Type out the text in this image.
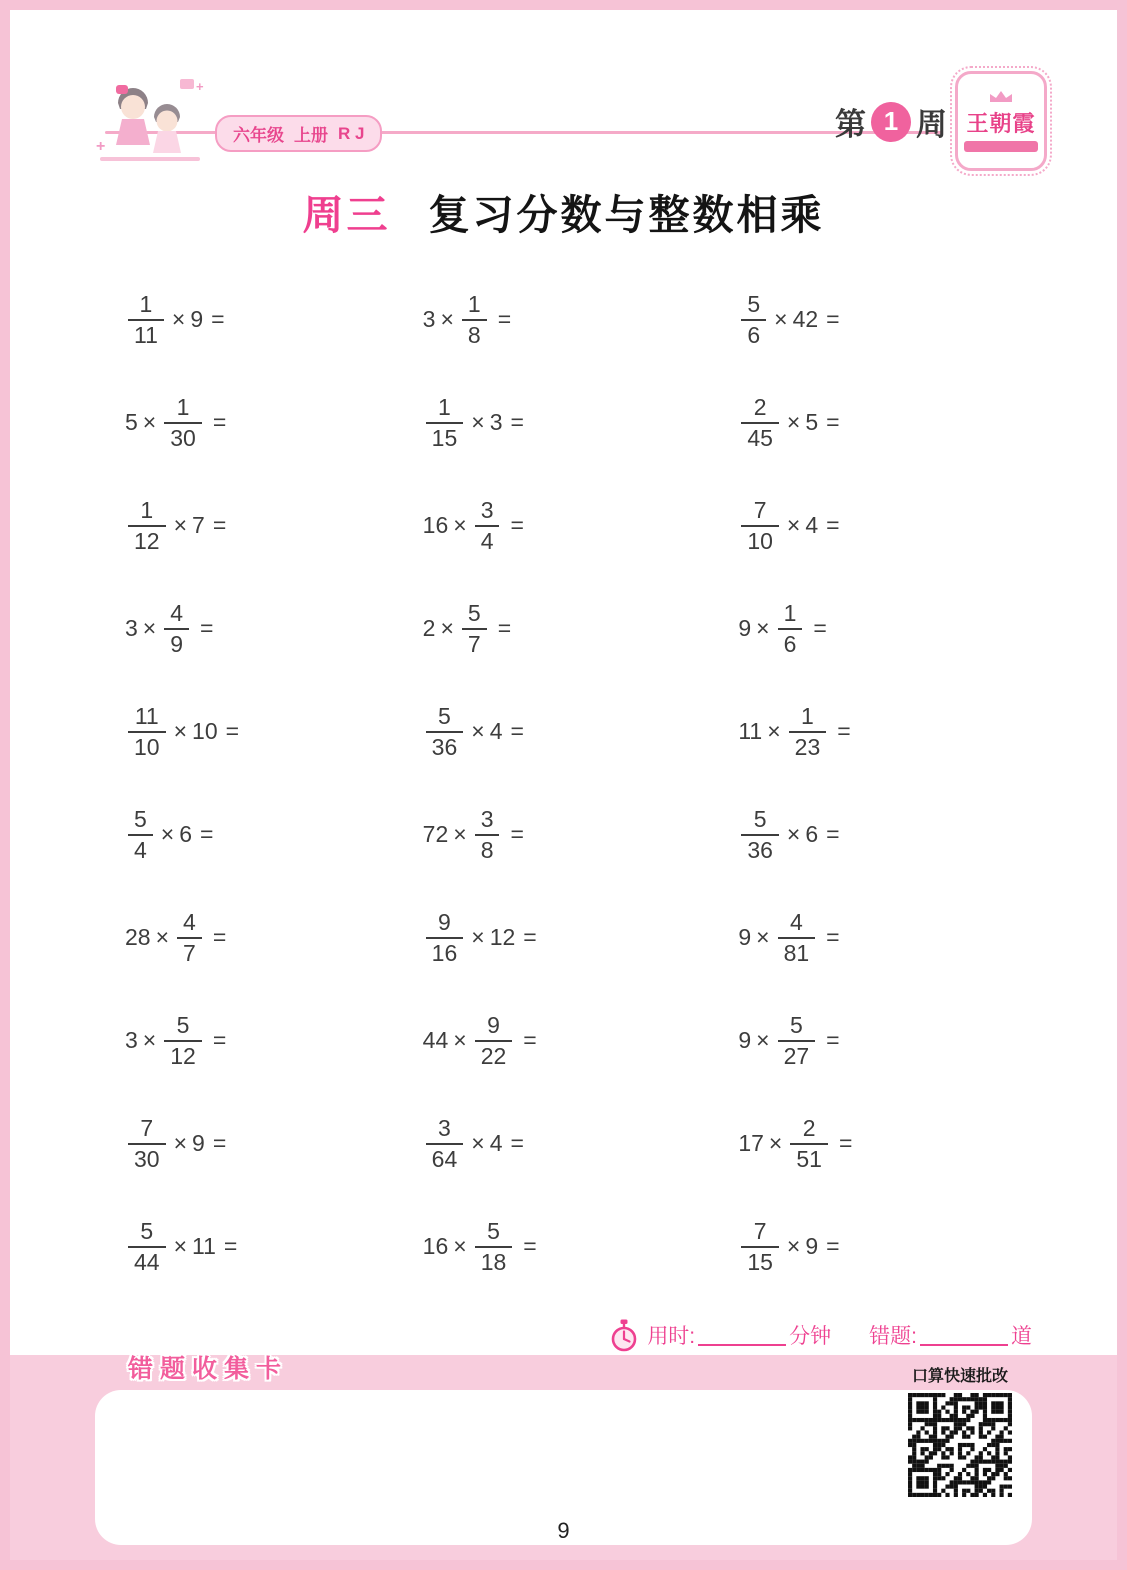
+
+
六年级 上册 R J	第 1 周 王朝霞
周三 复习分数与整数相乘
$\frac{1}{11} \times 9$ =	$3 \times \frac{1}{8}$ =	$\frac{5}{6} \times 42$ =
$5 \times \frac{1}{30}$ =	$\frac{1}{15} \times 3$ =	$\frac{2}{45} \times 5$ =
$\frac{1}{12} \times 7$ =	$16 \times \frac{3}{4}$ =	$\frac{7}{10} \times 4$ =
$3 \times \frac{4}{9}$ =	$2 \times \frac{5}{7}$ =	$9 \times \frac{1}{6}$ =
$\frac{11}{10} \times 10$ =	$\frac{5}{36} \times 4$ =	$11 \times \frac{1}{23}$ =
$\frac{5}{4} \times 6$ =	$72 \times \frac{3}{8}$ =	$\frac{5}{36} \times 6$ =
$28 \times \frac{4}{7}$ =	$\frac{9}{16} \times 12$ =	$9 \times \frac{4}{81}$ =
$3 \times \frac{5}{12}$ =	$44 \times \frac{9}{22}$ =	$9 \times \frac{5}{27}$ =
$\frac{7}{30} \times 9$ =	$\frac{3}{64} \times 4$ =	$17 \times \frac{2}{51}$ =
$\frac{5}{44} \times 11$ =	$16 \times \frac{5}{18}$ =	$\frac{7}{15} \times 9$ =
用时:	分钟 错题:	道
错题收集卡	口算快速批改
9
